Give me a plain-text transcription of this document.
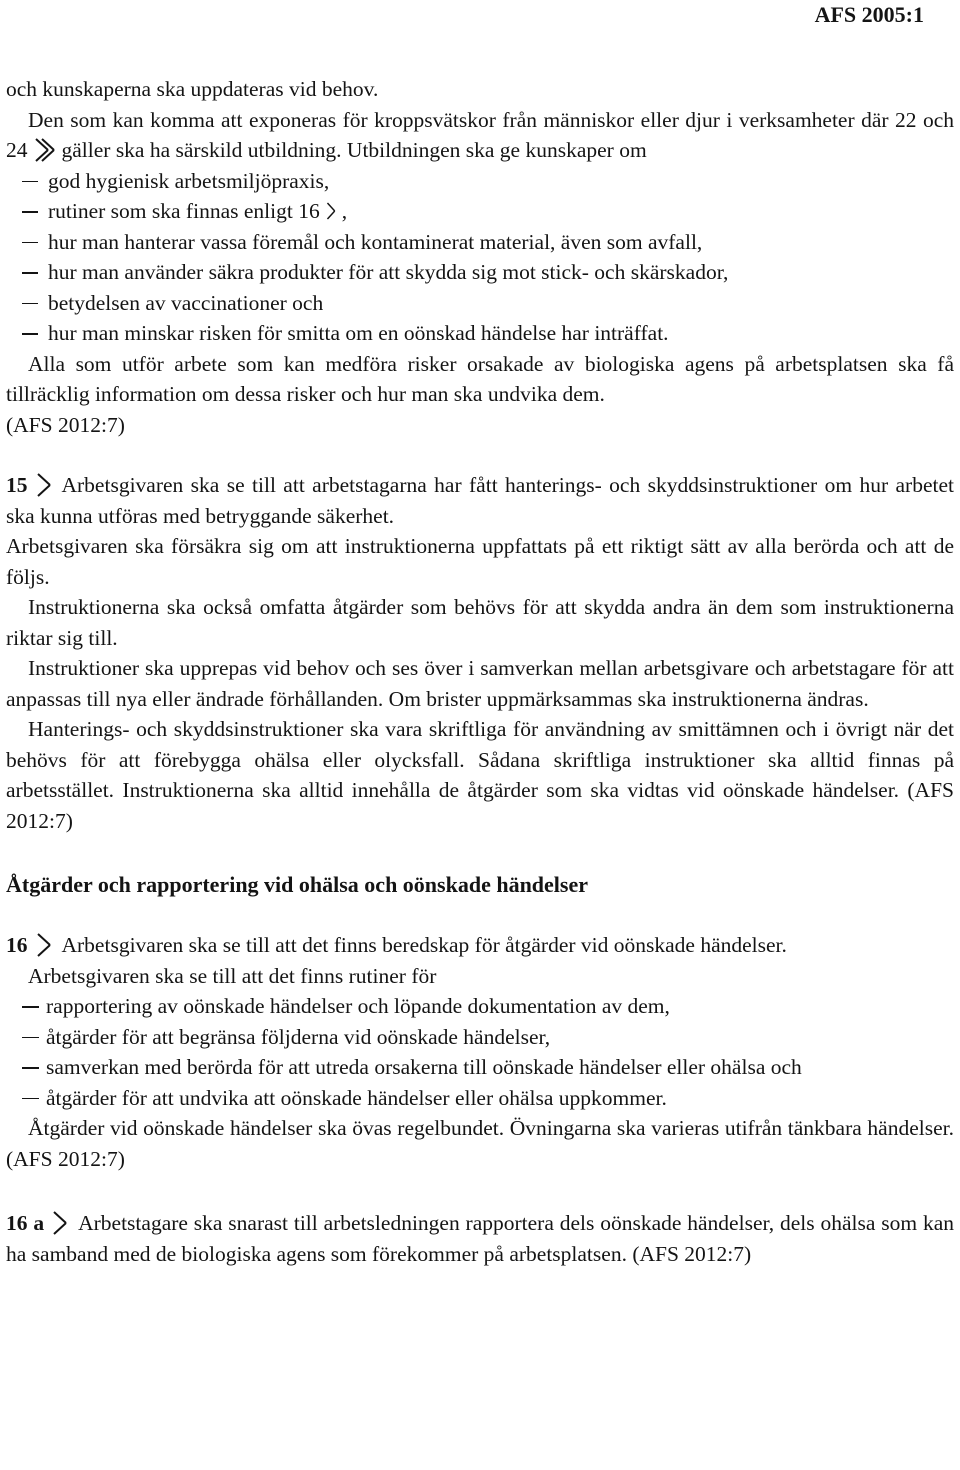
AFS 2005:1

och kunskaperna ska uppdateras vid behov.

Den som kan komma att exponeras för kroppsvätskor från människor eller djur i verksamheter där 22 och 24 gäller ska ha särskild utbildning. Utbildningen ska ge kunskaper om

god hygienisk arbetsmiljöpraxis,
rutiner som ska finnas enligt 16 ,
hur man hanterar vassa föremål och kontaminerat material, även som avfall,
hur man använder säkra produkter för att skydda sig mot stick- och skärskador,
betydelsen av vaccinationer och
hur man minskar risken för smitta om en oönskad händelse har inträffat.

Alla som utför arbete som kan medföra risker orsakade av biologiska agens på arbetsplatsen ska få tillräcklig information om dessa risker och hur man ska undvika dem.

(AFS 2012:7)

15 Arbetsgivaren ska se till att arbetstagarna har fått hanterings- och skyddsinstruktioner om hur arbetet ska kunna utföras med betryggande säkerhet.

Arbetsgivaren ska försäkra sig om att instruktionerna uppfattats på ett riktigt sätt av alla berörda och att de följs.

Instruktionerna ska också omfatta åtgärder som behövs för att skydda andra än dem som instruktionerna riktar sig till.

Instruktioner ska upprepas vid behov och ses över i samverkan mellan arbetsgivare och arbetstagare för att anpassas till nya eller ändrade förhållanden. Om brister uppmärksammas ska instruktionerna ändras.

Hanterings- och skyddsinstruktioner ska vara skriftliga för användning av smittämnen och i övrigt när det behövs för att förebygga ohälsa eller olycksfall. Sådana skriftliga instruktioner ska alltid finnas på arbetsstället. Instruktionerna ska alltid innehålla de åtgärder som ska vidtas vid oönskade händelser. (AFS 2012:7)

Åtgärder och rapportering vid ohälsa och oönskade händelser

16 Arbetsgivaren ska se till att det finns beredskap för åtgärder vid oönskade händelser.

Arbetsgivaren ska se till att det finns rutiner för

rapportering av oönskade händelser och löpande dokumentation av dem,
åtgärder för att begränsa följderna vid oönskade händelser,
samverkan med berörda för att utreda orsakerna till oönskade händelser eller ohälsa och
åtgärder för att undvika att oönskade händelser eller ohälsa uppkommer.

Åtgärder vid oönskade händelser ska övas regelbundet. Övningarna ska varieras utifrån tänkbara händelser. (AFS 2012:7)

16 a Arbetstagare ska snarast till arbetsledningen rapportera dels oönskade händelser, dels ohälsa som kan ha samband med de biologiska agens som förekommer på arbetsplatsen. (AFS 2012:7)
